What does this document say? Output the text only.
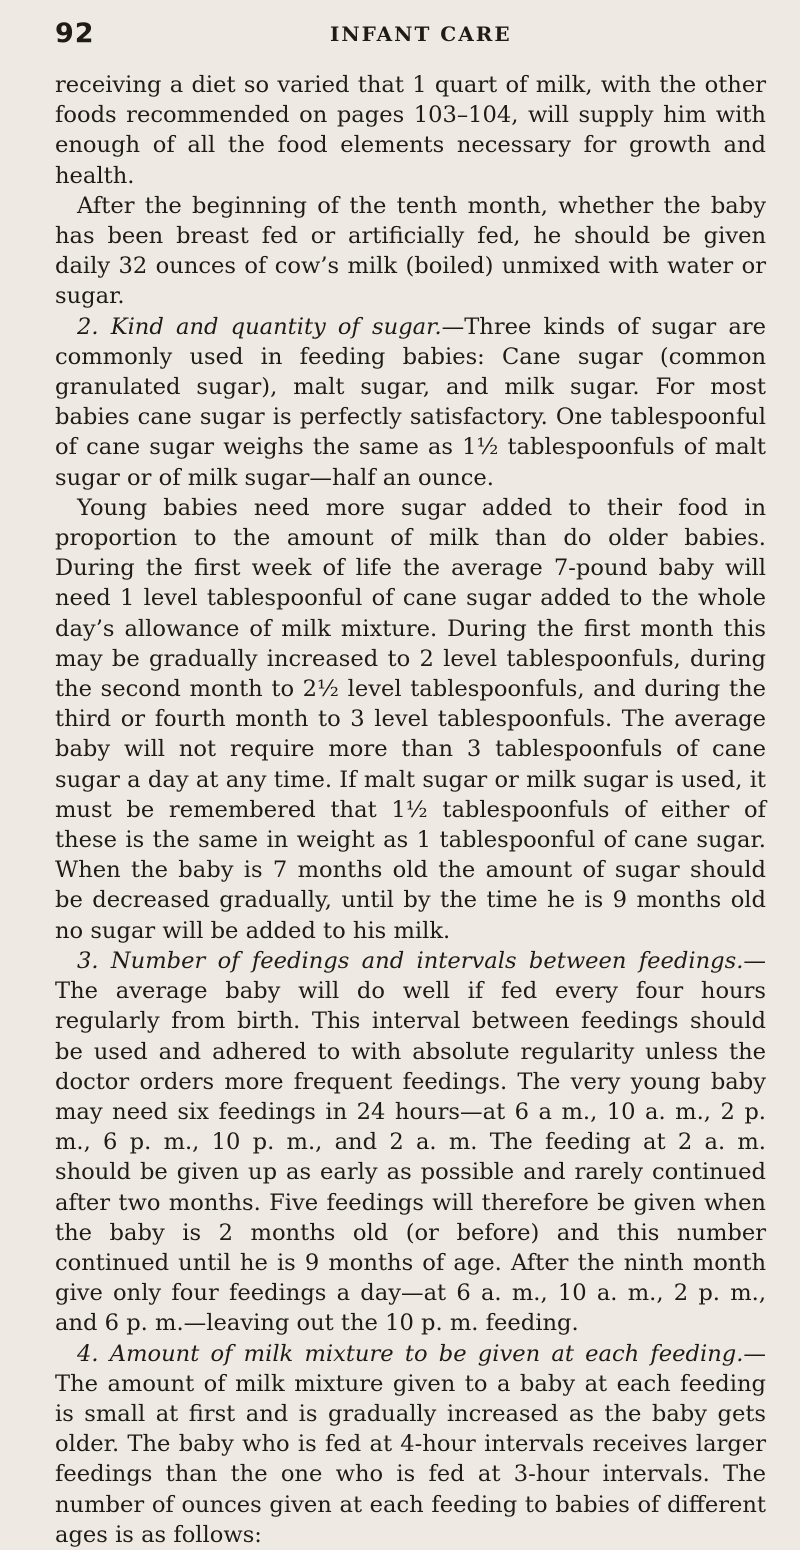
92	INFANT CARE

receiving a diet so varied that 1 quart of milk, with the other foods recommended on pages 103–104, will supply him with enough of all the food elements necessary for growth and health.

After the beginning of the tenth month, whether the baby has been breast fed or artificially fed, he should be given daily 32 ounces of cow’s milk (boiled) unmixed with water or sugar.

2. Kind and quantity of sugar.—Three kinds of sugar are commonly used in feeding babies: Cane sugar (common granulated sugar), malt sugar, and milk sugar. For most babies cane sugar is perfectly satisfactory. One tablespoonful of cane sugar weighs the same as 1½ tablespoonfuls of malt sugar or of milk sugar—half an ounce.

Young babies need more sugar added to their food in proportion to the amount of milk than do older babies. During the first week of life the average 7-pound baby will need 1 level tablespoonful of cane sugar added to the whole day’s allowance of milk mixture. During the first month this may be gradually increased to 2 level tablespoonfuls, during the second month to 2½ level tablespoonfuls, and during the third or fourth month to 3 level tablespoonfuls. The average baby will not require more than 3 tablespoonfuls of cane sugar a day at any time. If malt sugar or milk sugar is used, it must be remembered that 1½ tablespoonfuls of either of these is the same in weight as 1 tablespoonful of cane sugar. When the baby is 7 months old the amount of sugar should be decreased gradually, until by the time he is 9 months old no sugar will be added to his milk.

3. Number of feedings and intervals between feedings.—The average baby will do well if fed every four hours regularly from birth. This interval between feedings should be used and adhered to with absolute regularity unless the doctor orders more frequent feedings. The very young baby may need six feedings in 24 hours—at 6 a m., 10 a. m., 2 p. m., 6 p. m., 10 p. m., and 2 a. m. The feeding at 2 a. m. should be given up as early as possible and rarely continued after two months. Five feedings will therefore be given when the baby is 2 months old (or before) and this number continued until he is 9 months of age. After the ninth month give only four feedings a day—at 6 a. m., 10 a. m., 2 p. m., and 6 p. m.—leaving out the 10 p. m. feeding.

4. Amount of milk mixture to be given at each feeding.—The amount of milk mixture given to a baby at each feeding is small at first and is gradually increased as the baby gets older. The baby who is fed at 4-hour intervals receives larger feedings than the one who is fed at 3-hour intervals. The number of ounces given at each feeding to babies of different ages is as follows:
